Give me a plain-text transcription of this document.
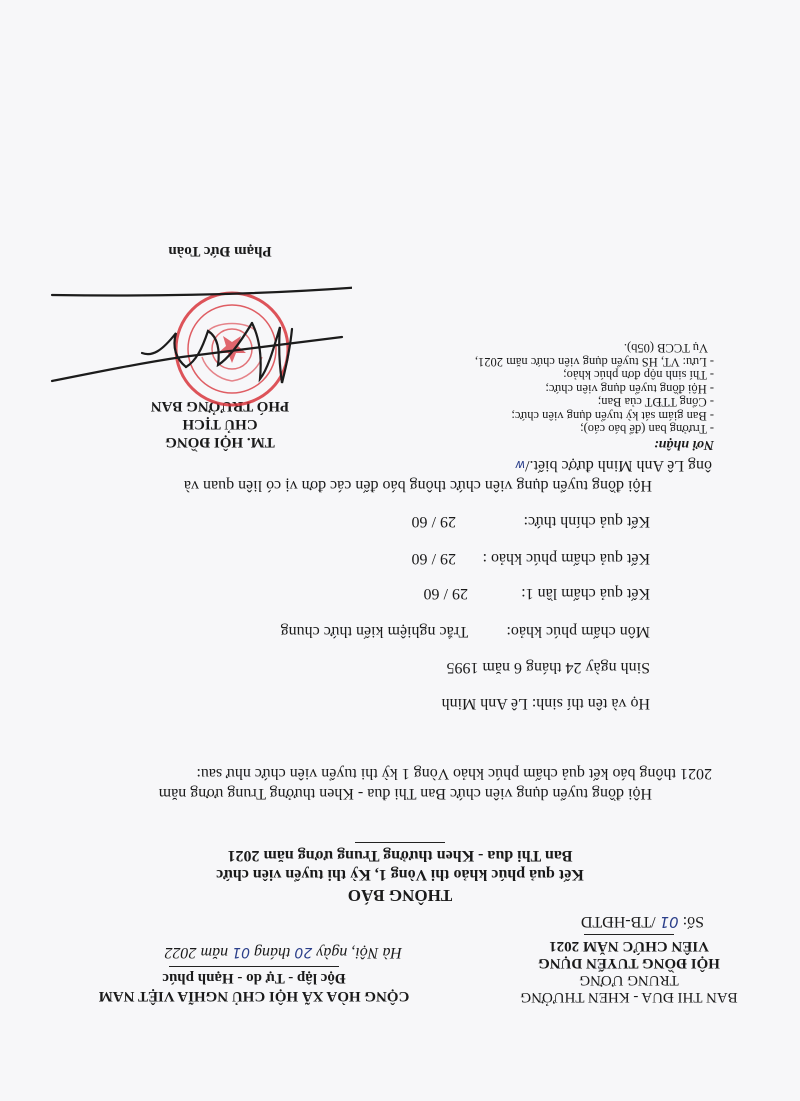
BAN THI ĐUA - KHEN THƯỞNG
TRUNG ƯƠNG
HỘI ĐỒNG TUYỂN DỤNG
VIÊN CHỨC NĂM 2021
Số: 01 /TB-HĐTD
CỘNG HÒA XÃ HỘI CHỦ NGHĨA VIỆT NAM
Độc lập - Tự do - Hạnh phúc
Hà Nội, ngày 20 tháng 01 năm 2022
THÔNG BÁO
Kết quả phúc khảo thi Vòng 1, Kỳ thi tuyển viên chức
Ban Thi đua - Khen thưởng Trung ương năm 2021
Hội đồng tuyển dụng viên chức Ban Thi đua - Khen thưởng Trung ương năm
2021 thông báo kết quả chấm phúc khảo Vòng 1 kỳ thi tuyển viên chức như sau:
Họ và tên thí sinh: Lê Anh Minh
Sinh ngày 24 tháng 6 năm 1995
Môn chấm phúc khảo: Trắc nghiệm kiến thức chung
Kết quả chấm lần 1: 29 / 60
Kết quả chấm phúc khảo : 29 / 60
Kết quả chính thức: 29 / 60
Hội đồng tuyển dụng viên chức thông báo đến các đơn vị có liên quan và
ông Lê Anh Minh được biết./w
Nơi nhận:
- Trưởng ban (để báo cáo);
- Ban giám sát kỳ tuyển dụng viên chức;
- Cổng TTĐT của Ban;
- Hội đồng tuyển dụng viên chức;
- Thí sinh nộp đơn phúc khảo;
- Lưu: VT, HS tuyển dụng viên chức năm 2021,
Vụ TCCB (05b).
TM. HỘI ĐỒNG
CHỦ TỊCH
PHÓ TRƯỞNG BAN
Phạm Đức Toàn
